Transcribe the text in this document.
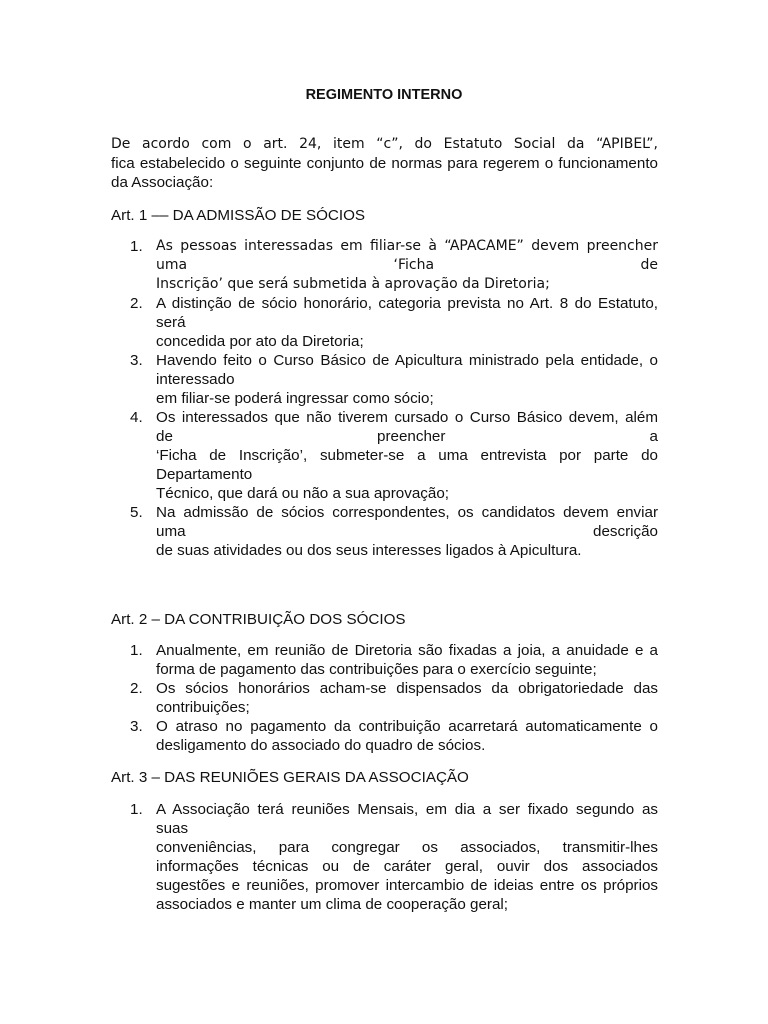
REGIMENTO INTERNO
De acordo com o art. 24, item “c”, do Estatuto Social da “APIBEL”,
fica estabelecido o seguinte conjunto de normas para regerem o funcionamento
da Associação:
Art. 1 –– DA ADMISSÃO DE SÓCIOS
1. As pessoas interessadas em filiar-se à “APACAME” devem preencher
uma ‘Ficha de
Inscrição’ que será submetida à aprovação da Diretoria;
2. A distinção de sócio honorário, categoria prevista no Art. 8 do Estatuto,
será
concedida por ato da Diretoria;
3. Havendo feito o Curso Básico de Apicultura ministrado pela entidade, o
interessado
em filiar-se poderá ingressar como sócio;
4. Os interessados que não tiverem cursado o Curso Básico devem, além
de preencher a
‘Ficha de Inscrição’, submeter-se a uma entrevista por parte do
Departamento
Técnico, que dará ou não a sua aprovação;
5. Na admissão de sócios correspondentes, os candidatos devem enviar
uma descrição
de suas atividades ou dos seus interesses ligados à Apicultura.
Art. 2 – DA CONTRIBUIÇÃO DOS SÓCIOS
1. Anualmente, em reunião de Diretoria são fixadas a joia, a anuidade e a
forma de pagamento das contribuições para o exercício seguinte;
2. Os sócios honorários acham-se dispensados da obrigatoriedade das
contribuições;
3. O atraso no pagamento da contribuição acarretará automaticamente o
desligamento do associado do quadro de sócios.
Art. 3 – DAS REUNIÕES GERAIS DA ASSOCIAÇÃO
1. A Associação terá reuniões Mensais, em dia a ser fixado segundo as
suas
conveniências, para congregar os associados, transmitir-lhes
informações técnicas ou de caráter geral, ouvir dos associados
sugestões e reuniões, promover intercambio de ideias entre os próprios
associados e manter um clima de cooperação geral;
